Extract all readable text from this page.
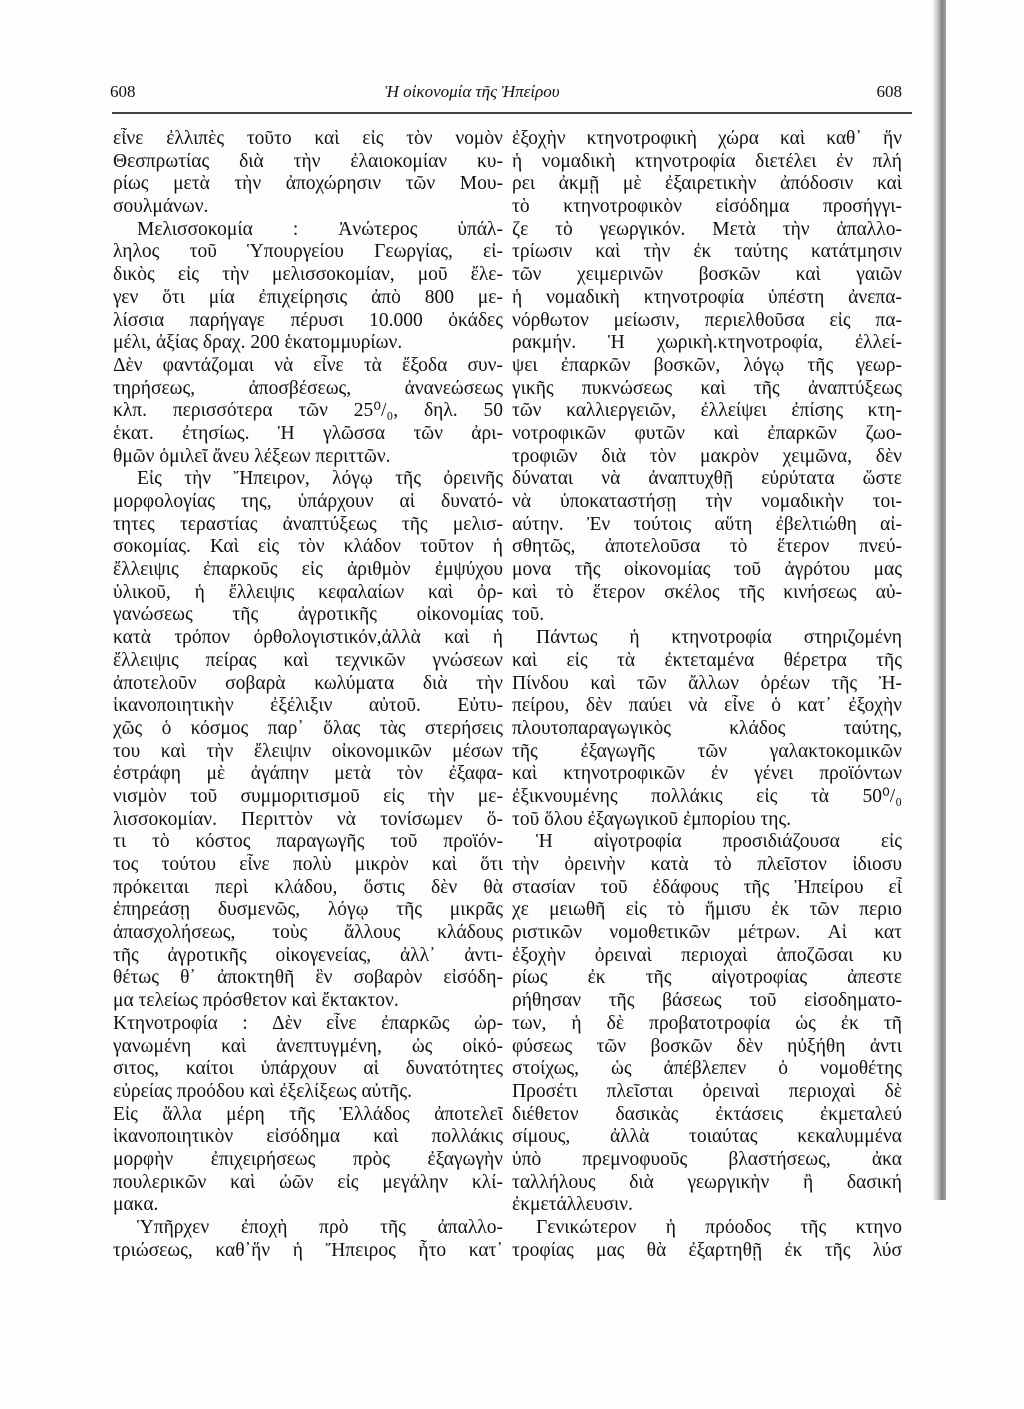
608	Ἡ οἰκονομία τῆς Ἠπείρου	608
εἶνε ἐλλιπὲς τοῦτο καὶ εἰς τὸν νομὸν
Θεσπρωτίας διὰ τὴν ἐλαιοκομίαν κυ-
ρίως μετὰ τὴν ἀποχώρησιν τῶν Μου-
σουλμάνων.
Μελισσοκομία : Ἀνώτερος ὑπάλ-
ληλος τοῦ Ὑπουργείου Γεωργίας, εἰ-
δικὸς εἰς τὴν μελισσοκομίαν, μοῦ ἔλε-
γεν ὅτι μία ἐπιχείρησις ἀπὸ 800 με-
λίσσια παρήγαγε πέρυσι 10.000 ὀκάδες
μέλι, ἀξίας δραχ. 200 ἑκατομμυρίων.
Δὲν φαντάζομαι νὰ εἶνε τὰ ἔξοδα συν-
τηρήσεως,	ἀποσβέσεως,	ἀνανεώσεως
κλπ. περισσότερα τῶν 25⁰/₀, δηλ. 50
ἑκατ. ἐτησίως. Ἡ γλῶσσα τῶν ἀρι-
θμῶν ὁμιλεῖ ἄνευ λέξεων περιττῶν.
Εἰς τὴν Ἤπειρον, λόγῳ τῆς ὀρεινῆς
μορφολογίας της, ὑπάρχουν αἱ δυνατό-
τητες τεραστίας ἀναπτύξεως τῆς μελισ-
σοκομίας. Καὶ εἰς τὸν κλάδον τοῦτον ἡ
ἔλλειψις ἐπαρκοῦς εἰς ἀριθμὸν ἐμψύχου
ὑλικοῦ, ἡ ἔλλειψις κεφαλαίων καὶ ὀρ-
γανώσεως τῆς ἀγροτικῆς οἰκονομίας
κατὰ τρόπον ὀρθολογιστικόν,ἀλλὰ καὶ ἡ
ἔλλειψις πείρας καὶ τεχνικῶν γνώσεων
ἀποτελοῦν σοβαρὰ κωλύματα διὰ τὴν
ἱκανοποιητικὴν ἐξέλιξιν αὐτοῦ. Εὐτυ-
χῶς ὁ κόσμος παρ᾽ ὅλας τὰς στερήσεις
του καὶ τὴν ἔλειψιν οἰκονομικῶν μέσων
ἐστράφη μὲ ἀγάπην μετὰ τὸν ἐξαφα-
νισμὸν τοῦ συμμοριτισμοῦ εἰς τὴν με-
λισσοκομίαν. Περιττὸν νὰ τονίσωμεν ὅ-
τι τὸ κόστος παραγωγῆς τοῦ προϊόν-
τος τούτου εἶνε πολὺ μικρὸν καὶ ὅτι
πρόκειται περὶ κλάδου, ὅστις δὲν θὰ
ἐπηρεάσῃ δυσμενῶς, λόγῳ τῆς μικρᾶς
ἀπασχολήσεως, τοὺς ἄλλους κλάδους
τῆς ἀγροτικῆς οἰκογενείας, ἀλλ᾽ ἀντι-
θέτως θ᾽ ἀποκτηθῆ ἓν σοβαρὸν εἰσόδη-
μα τελείως πρόσθετον καὶ ἔκτακτον.
Κτηνοτροφία : Δὲν εἶνε ἐπαρκῶς ὠρ-
γανωμένη καὶ ἀνεπτυγμένη, ὡς οἰκό-
σιτος, καίτοι ὑπάρχουν αἱ δυνατότητες
εὐρείας προόδου καὶ ἐξελίξεως αὐτῆς.
Εἰς ἄλλα μέρη τῆς Ἑλλάδος ἀποτελεῖ
ἱκανοποιητικὸν εἰσόδημα καὶ πολλάκις
μορφὴν ἐπιχειρήσεως πρὸς ἐξαγωγὴν
πουλερικῶν καὶ ὠῶν εἰς μεγάλην κλί-
μακα.
Ὑπῆρχεν ἐποχὴ πρὸ τῆς ἀπαλλο-
τριώσεως, καθ᾽ἥν ἡ Ἤπειρος ἦτο κατ᾽
ἐξοχὴν κτηνοτροφικὴ χώρα καὶ καθ᾽ ἥν
ἡ νομαδικὴ κτηνοτροφία διετέλει ἐν πλή
ρει ἀκμῇ μὲ ἐξαιρετικὴν ἀπόδοσιν καὶ
τὸ κτηνοτροφικὸν εἰσόδημα προσήγγι-
ζε τὸ γεωργικόν. Μετὰ τὴν ἀπαλλο-
τρίωσιν καὶ τὴν ἐκ ταύτης κατάτμησιν
τῶν χειμερινῶν βοσκῶν καὶ γαιῶν
ἡ νομαδικὴ κτηνοτροφία ὑπέστη ἀνεπα-
νόρθωτον μείωσιν, περιελθοῦσα εἰς πα-
ρακμήν. Ἡ χωρικὴ.κτηνοτροφία, ἐλλεί-
ψει ἐπαρκῶν βοσκῶν, λόγῳ τῆς γεωρ-
γικῆς πυκνώσεως καὶ τῆς ἀναπτύξεως
τῶν καλλιεργειῶν, ἐλλείψει ἐπίσης κτη-
νοτροφικῶν φυτῶν καὶ ἐπαρκῶν ζωο-
τροφιῶν διὰ τὸν μακρὸν χειμῶνα, δὲν
δύναται νὰ ἀναπτυχθῇ εὐρύτατα ὥστε
νὰ ὑποκαταστήσῃ τὴν νομαδικὴν τοι-
αύτην. Ἐν τούτοις αὕτη ἐβελτιώθη αἰ-
σθητῶς, ἀποτελοῦσα τὸ ἕτερον πνεύ-
μονα τῆς οἰκονομίας τοῦ ἀγρότου μας
καὶ τὸ ἕτερον σκέλος τῆς κινήσεως αὐ-
τοῦ.
Πάντως ἡ κτηνοτροφία στηριζομένη
καὶ εἰς τὰ ἐκτεταμένα θέρετρα τῆς
Πίνδου καὶ τῶν ἄλλων ὀρέων τῆς Ἠ-
πείρου, δὲν παύει νὰ εἶνε ὁ κατ᾽ ἐξοχὴν
πλουτοπαραγωγικὸς	κλάδος	ταύτης,
τῆς ἐξαγωγῆς τῶν γαλακτοκομικῶν
καὶ κτηνοτροφικῶν ἐν γένει προϊόντων
ἐξικνουμένης πολλάκις εἰς τὰ 50⁰/₀
τοῦ ὅλου ἐξαγωγικοῦ ἐμπορίου της.
Ἡ αἰγοτροφία προσιδιάζουσα εἰς
τὴν ὀρεινὴν κατὰ τὸ πλεῖστον ἰδιοσυ
στασίαν τοῦ ἐδάφους τῆς Ἠπείρου εἶ
χε μειωθῆ εἰς τὸ ἥμισυ ἐκ τῶν περιο
ριστικῶν νομοθετικῶν μέτρων. Αἱ κατ
ἐξοχὴν ὀρειναὶ περιοχαὶ ἀποζῶσαι κυ
ρίως ἐκ τῆς αἰγοτροφίας ἀπεστε
ρήθησαν τῆς βάσεως τοῦ εἰσοδηματο-
των, ἡ δὲ προβατοτροφία ὡς ἐκ τῆ
φύσεως τῶν βοσκῶν δὲν ηὐξήθη ἀντι
στοίχως, ὡς ἀπέβλεπεν ὁ νομοθέτης
Προσέτι πλεῖσται ὀρειναὶ περιοχαὶ δὲ
διέθετον δασικὰς ἐκτάσεις ἐκμεταλεύ
σίμους, ἀλλὰ τοιαύτας κεκαλυμμένα
ὑπὸ πρεμνοφυοῦς βλαστήσεως, ἀκα
ταλλήλους διὰ γεωργικὴν ἢ δασική
ἐκμετάλλευσιν.
Γενικώτερον ἡ πρόοδος τῆς κτηνο
τροφίας μας θὰ ἐξαρτηθῇ ἐκ τῆς λύσ
